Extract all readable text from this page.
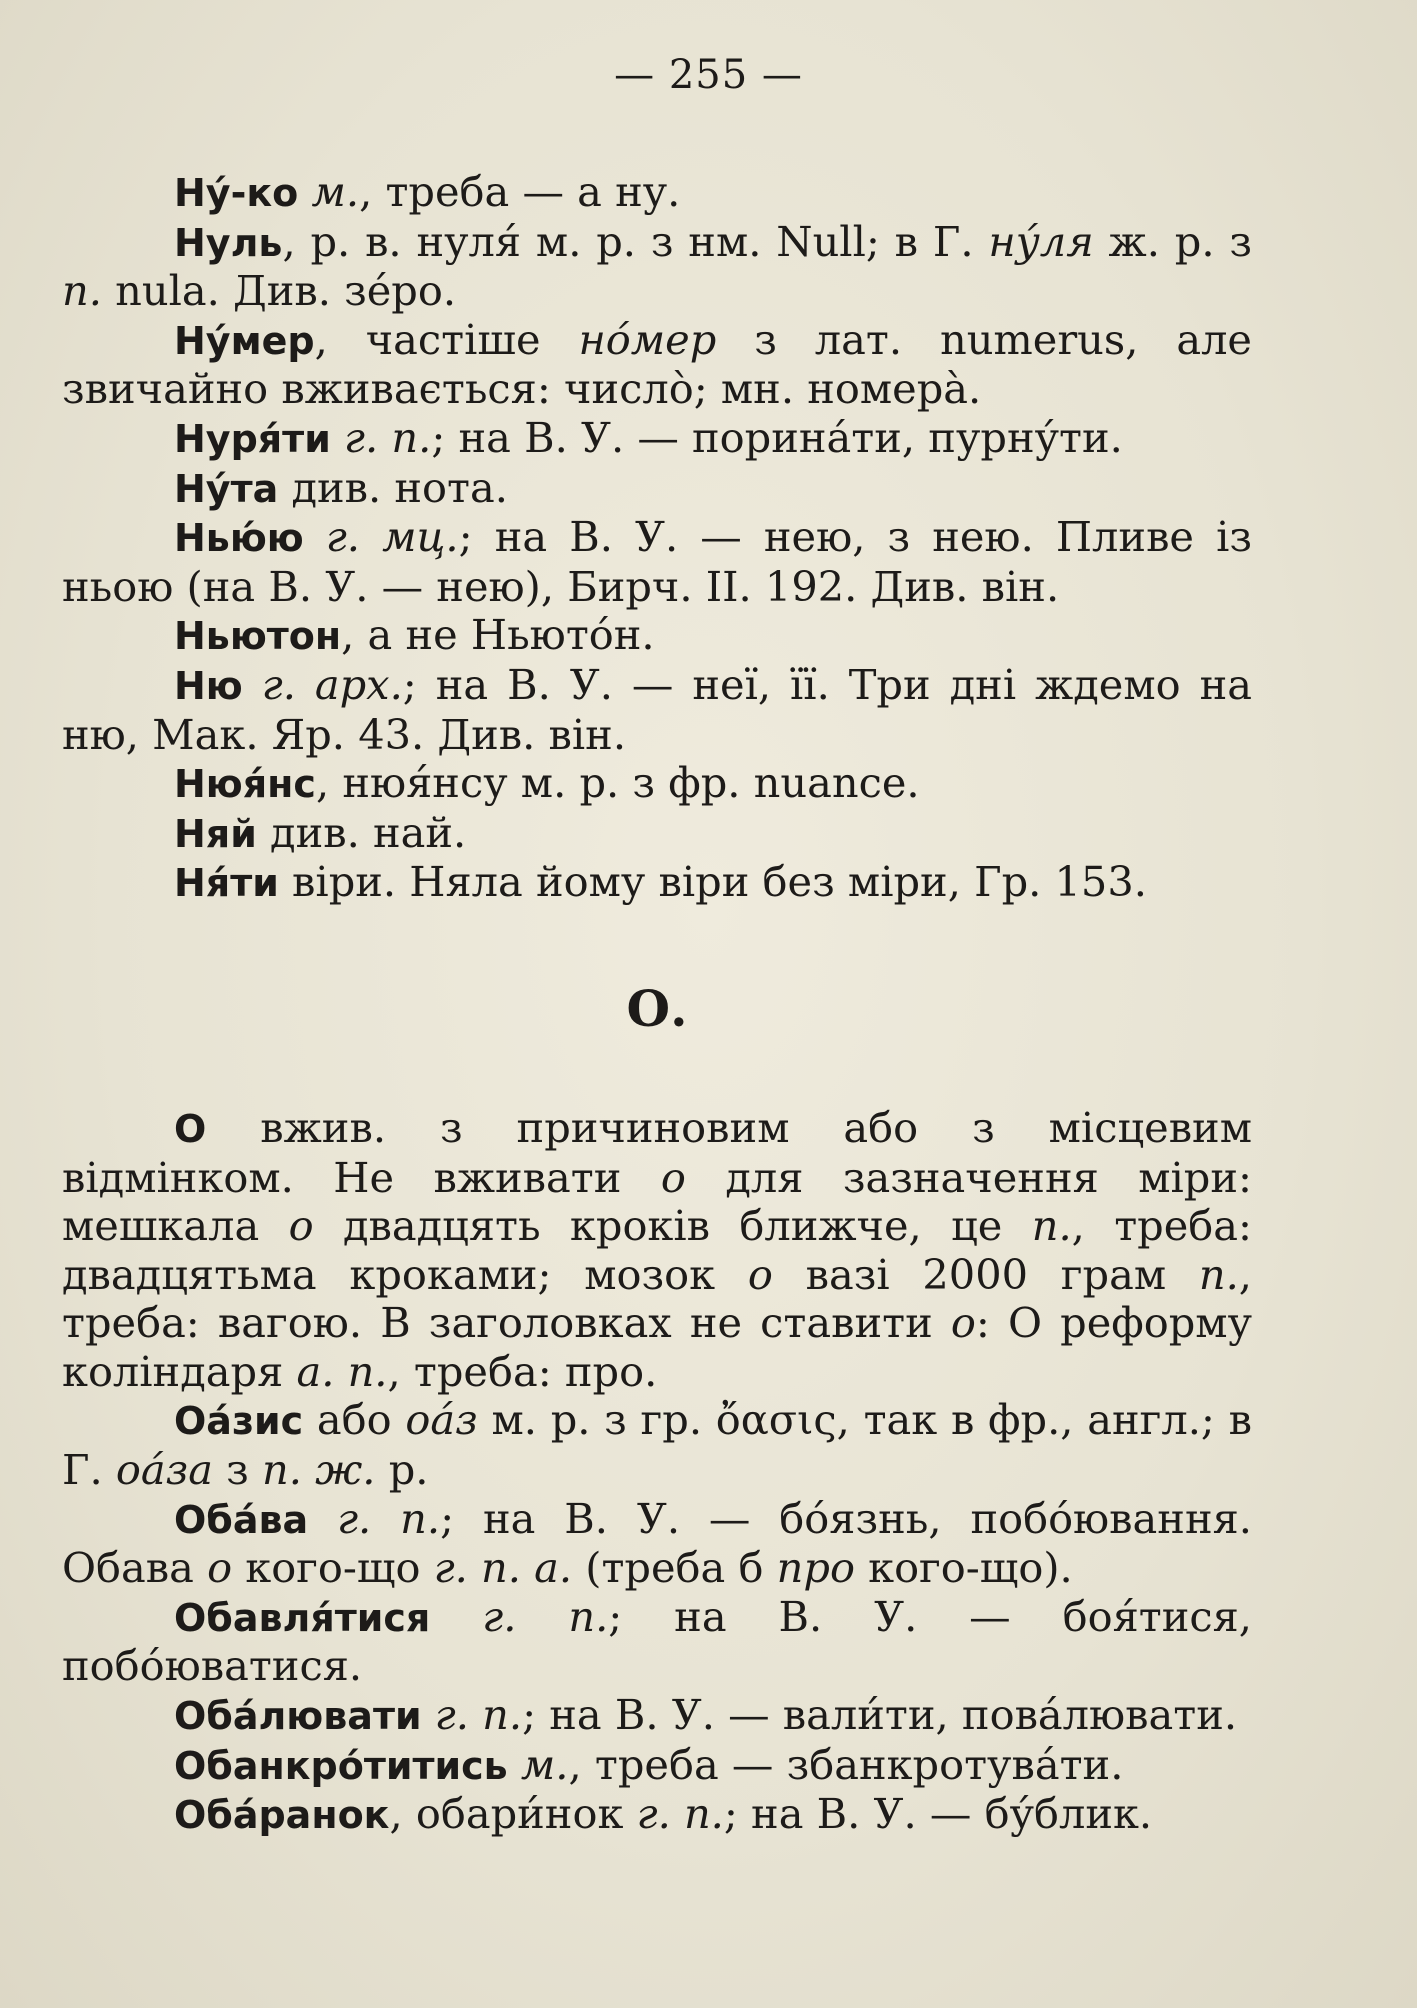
— 255 —

Ну́-ко м., треба — а ну.

Нуль, р. в. нуля́ м. р. з нм. Null; в Г. ну́ля ж. р. з п. nula. Див. зе́ро.

Ну́мер, частіше но́мер з лат. numerus, але звичайно вживається: число̀; мн. номера̀.

Нуря́ти г. п.; на В. У. — порина́ти, пурну́ти.

Ну́та див. нота.

Нью́ю г. мц.; на В. У. — нею, з нею. Пливе із ньою (на В. У. — нею), Бирч. II. 192. Див. він.

Ньютон, а не Ньюто́н.

Ню г. арх.; на В. У. — неї, її. Три дні ждемо на ню, Мак. Яр. 43. Див. він.

Нюя́нс, нюя́нсу м. р. з фр. nuance.

Няй див. най.

Ня́ти віри. Няла йому віри без міри, Гр. 153.

О.

О вжив. з причиновим або з місцевим відмінком. Не вживати о для зазначення міри: мешкала о двадцять кроків ближче, це п., треба: двадцятьма кроками; мозок о вазі 2000 грам п., треба: вагою. В заголовках не ставити о: О реформу коліндаря а. п., треба: про.

Оа́зис або оа́з м. р. з гр. ὄασις, так в фр., англ.; в Г. оа́за з п. ж. р.

Оба́ва г. п.; на В. У. — бо́язнь, побо́ювання. Обава о кого-що г. п. а. (треба б про кого-що).

Обавля́тися г. п.; на В. У. — боя́тися, побо́юватися.

Оба́лювати г. п.; на В. У. — вали́ти, пова́лювати.

Обанкро́титись м., треба — збанкротува́ти.

Оба́ранок, обари́нок г. п.; на В. У. — бу́блик.
